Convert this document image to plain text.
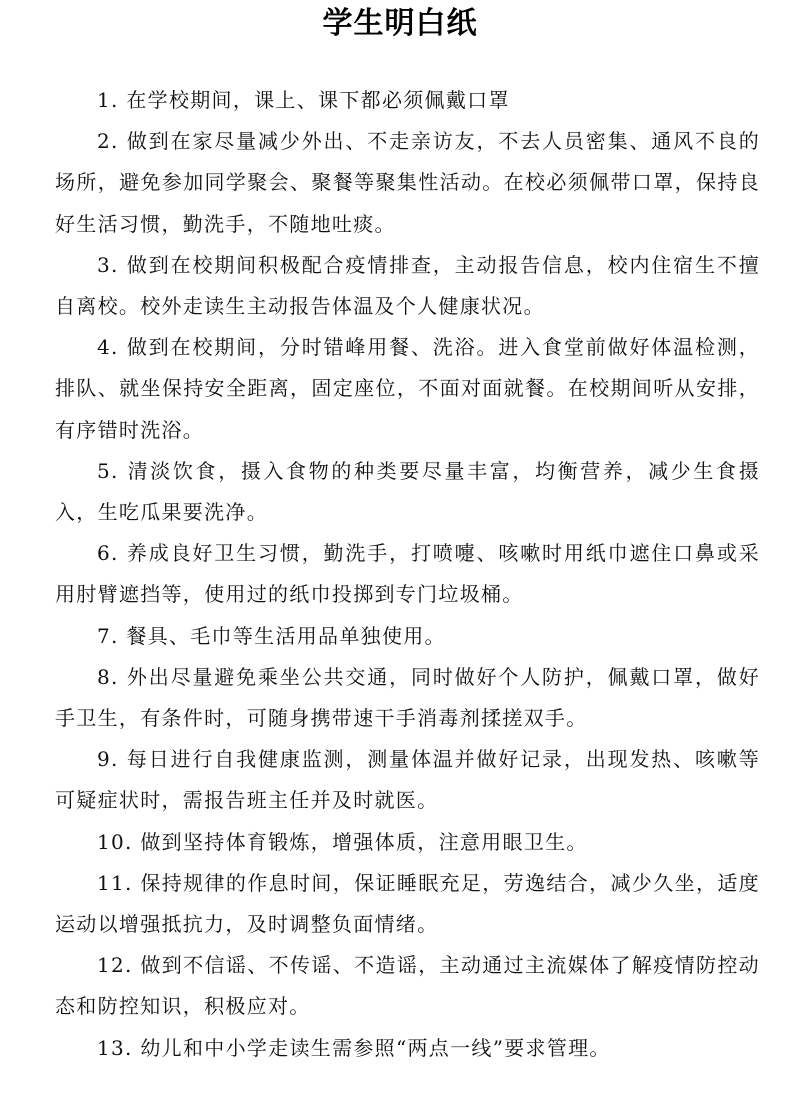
学生明白纸

1. 在学校期间，课上、课下都必须佩戴口罩

2. 做到在家尽量减少外出、不走亲访友，不去人员密集、通风不良的场所，避免参加同学聚会、聚餐等聚集性活动。在校必须佩带口罩，保持良好生活习惯，勤洗手，不随地吐痰。

3. 做到在校期间积极配合疫情排查，主动报告信息，校内住宿生不擅自离校。校外走读生主动报告体温及个人健康状况。

4. 做到在校期间，分时错峰用餐、洗浴。进入食堂前做好体温检测，排队、就坐保持安全距离，固定座位，不面对面就餐。在校期间听从安排，有序错时洗浴。

5. 清淡饮食，摄入食物的种类要尽量丰富，均衡营养，减少生食摄入，生吃瓜果要洗净。

6. 养成良好卫生习惯，勤洗手，打喷嚏、咳嗽时用纸巾遮住口鼻或采用肘臂遮挡等，使用过的纸巾投掷到专门垃圾桶。

7. 餐具、毛巾等生活用品单独使用。

8. 外出尽量避免乘坐公共交通，同时做好个人防护，佩戴口罩，做好手卫生，有条件时，可随身携带速干手消毒剂揉搓双手。

9. 每日进行自我健康监测，测量体温并做好记录，出现发热、咳嗽等可疑症状时，需报告班主任并及时就医。

10. 做到坚持体育锻炼，增强体质，注意用眼卫生。

11. 保持规律的作息时间，保证睡眠充足，劳逸结合，减少久坐，适度运动以增强抵抗力，及时调整负面情绪。

12. 做到不信谣、不传谣、不造谣，主动通过主流媒体了解疫情防控动态和防控知识，积极应对。

13. 幼儿和中小学走读生需参照“两点一线”要求管理。
